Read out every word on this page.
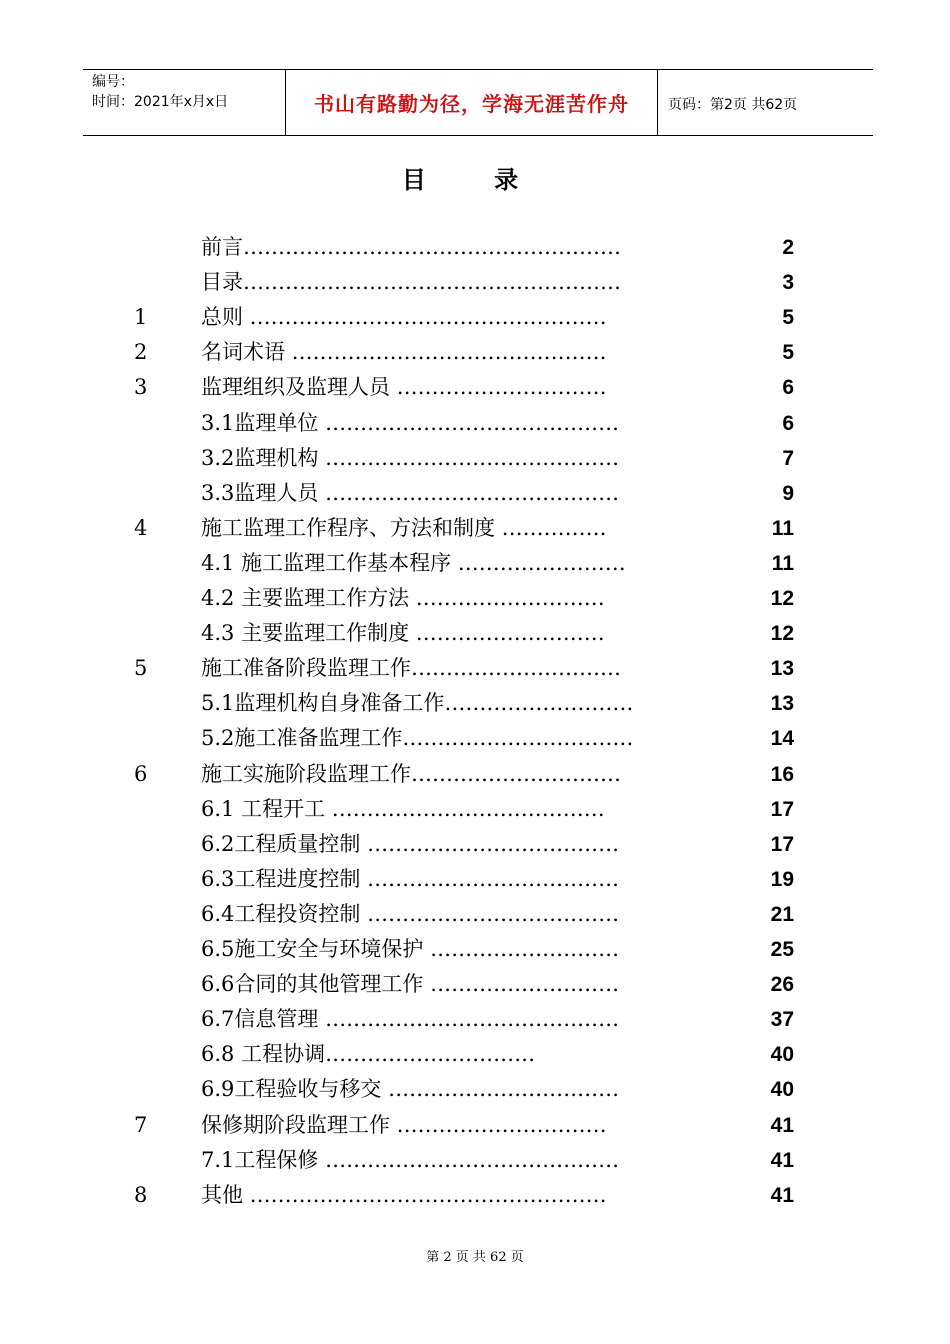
编号：
时间：2021年x月x日	书山有路勤为径，学海无涯苦作舟	页码：第2页 共62页
目 录
前言………………………………………………	2
目录………………………………………………	3
1	总则 ……………………………………………	5
2	名词术语 ………………………………………	5
3	监理组织及监理人员 …………………………	6
3.1监理单位 ……………………………………	6
3.2监理机构 ……………………………………	7
3.3监理人员 ……………………………………	9
4	施工监理工作程序、方法和制度 ……………	11
4.1 施工监理工作基本程序 ……………………	11
4.2 主要监理工作方法 ………………………	12
4.3 主要监理工作制度 ………………………	12
5	施工准备阶段监理工作…………………………	13
5.1监理机构自身准备工作………………………	13
5.2施工准备监理工作……………………………	14
6	施工实施阶段监理工作…………………………	16
6.1 工程开工 …………………………………	17
6.2工程质量控制 ………………………………	17
6.3工程进度控制 ………………………………	19
6.4工程投资控制 ………………………………	21
6.5施工安全与环境保护 ………………………	25
6.6合同的其他管理工作 ………………………	26
6.7信息管理 ……………………………………	37
6.8 工程协调…………………………	40
6.9工程验收与移交 ……………………………	40
7	保修期阶段监理工作 …………………………	41
7.1工程保修 ……………………………………	41
8	其他 ……………………………………………	41
第 2 页 共 62 页
